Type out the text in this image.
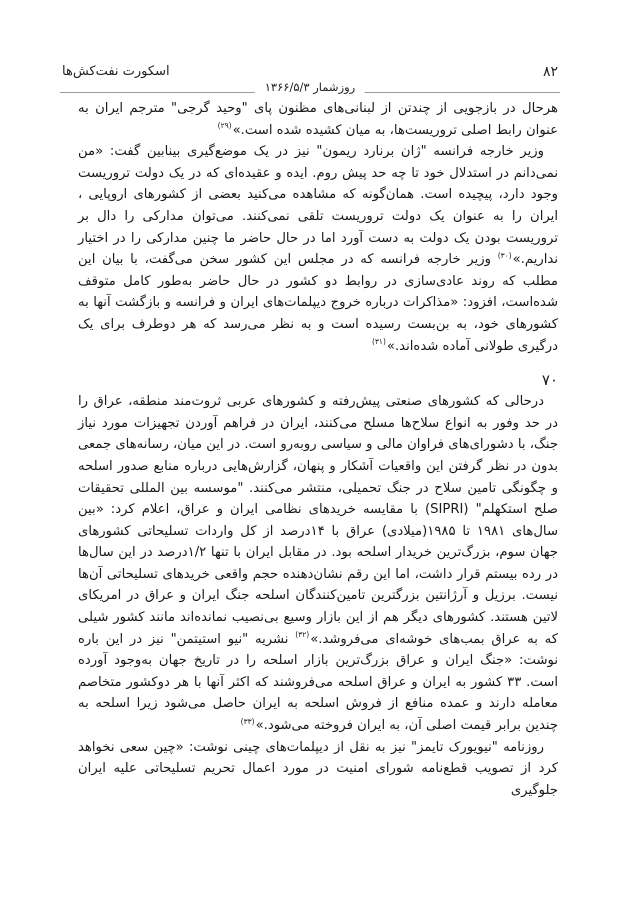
۸۲
اسکورت نفت‌کش‌ها
روزشمار ۱۳۶۶/۵/۳

هرحال در بازجویی از چندتن از لبنانی‌های مظنون پای "وحید گرجی" مترجم ایران به عنوان رابط اصلی تروریست‌ها، به میان کشیده شده است.»$^{(۲۹)}$

وزیر خارجه فرانسه "ژان برنارد ریمون" نیز در یک موضع‌گیری بینابین گفت: «من نمی‌دانم در استدلال خود تا چه حد پیش روم. ایده و عقیده‌ای که در یک دولت تروریست وجود دارد، پیچیده است. همان‌گونه که مشاهده می‌کنید بعضی از کشورهای اروپایی ، ایران را به عنوان یک دولت تروریست تلقی نمی‌کنند. می‌توان مدارکی را دال بر تروریست بودن یک دولت به دست آورد اما در حال حاضر ما چنین مدارکی را در اختیار نداریم.»$^{(۳۰)}$ وزیر خارجه فرانسه که در مجلس این کشور سخن می‌گفت، با بیان این مطلب که روند عادی‌سازی در روابط دو کشور در حال حاضر به‌طور کامل متوقف شده‌است، افزود: «مذاکرات درباره خروج دیپلمات‌های ایران و فرانسه و بازگشت آنها به کشورهای خود، به بن‌بست رسیده است و به نظر می‌رسد که هر دوطرف برای یک درگیری طولانی آماده شده‌اند.»$^{(۳۱)}$

۷۰

درحالی که کشورهای صنعتی پیش‌رفته و کشورهای عربی ثروت‌مند منطقه، عراق را در حد وفور به انواع سلاح‌ها مسلح می‌کنند، ایران در فراهم آوردن تجهیزات مورد نیاز جنگ، با دشورای‌های فراوان مالی و سیاسی روبه‌رو است. در این میان، رسانه‌های جمعی بدون در نظر گرفتن این واقعیات آشکار و پنهان، گزارش‌هایی درباره منابع صدور اسلحه و چگونگی تامین سلاح در جنگ تحمیلی، منتشر می‌کنند. "موسسه بین المللی تحقیقات صلح استکهلم" (SIPRI) با مقایسه خریدهای نظامی ایران و عراق، اعلام کرد: «بین سال‌های ۱۹۸۱ تا ۱۹۸۵(میلادی) عراق با ۱۴درصد از کل واردات تسلیحاتی کشورهای جهان سوم، بزرگ‌ترین خریدار اسلحه بود. در مقابل ایران با تنها ۱/۲درصد در این سال‌ها در رده بیستم قرار داشت، اما این رقم نشان‌دهنده حجم واقعی خریدهای تسلیحاتی آن‌ها نیست. برزیل و آرژانتین بزرگترین تامین‌کنندگان اسلحه جنگ ایران و عراق در امریکای لاتین هستند. کشورهای دیگر هم از این بازار وسیع بی‌نصیب نمانده‌اند مانند کشور شیلی که به عراق بمب‌های خوشه‌ای می‌فروشد.»$^{(۳۲)}$ نشریه "نیو استیتمن" نیز در این باره نوشت: «جنگ ایران و عراق بزرگ‌ترین بازار اسلحه را در تاریخ جهان به‌وجود آورده است. ۳۳ کشور به ایران و عراق اسلحه می‌فروشند که اکثر آنها با هر دوکشور متخاصم معامله دارند و عمده منافع از فروش اسلحه به ایران حاصل می‌شود زیرا اسلحه به چندین برابر قیمت اصلی آن، به ایران فروخته می‌شود.»$^{(۳۳)}$

روزنامه "نیویورک تایمز" نیز به نقل از دیپلمات‌های چینی نوشت: «چین سعی نخواهد کرد از تصویب قطع‌نامه شورای امنیت در مورد اعمال تحریم تسلیحاتی علیه ایران جلوگیری
